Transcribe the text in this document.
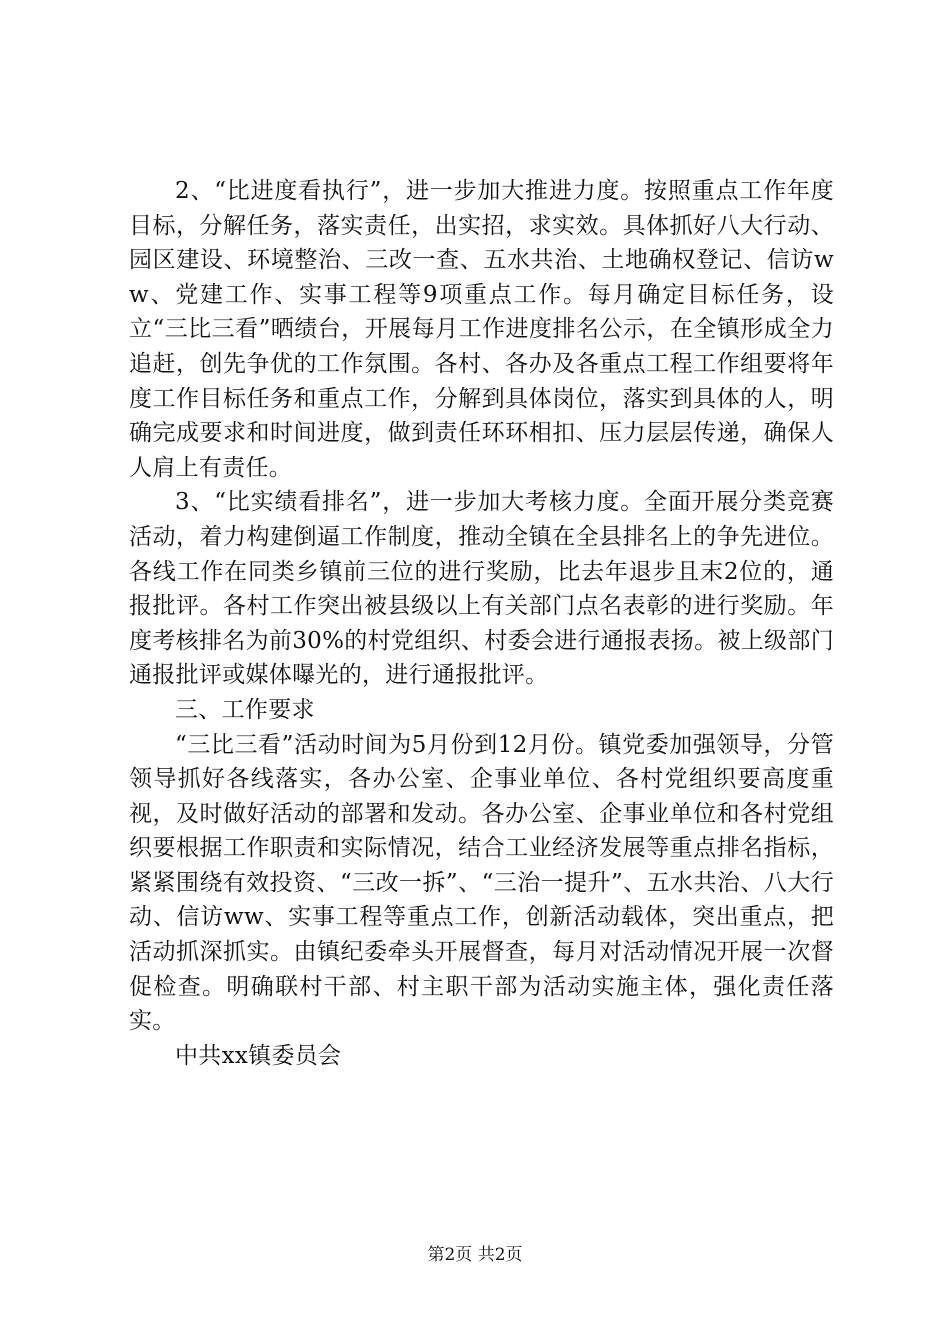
2、“比进度看执行”，进一步加大推进力度。按照重点工作年度目标，分解任务，落实责任，出实招，求实效。具体抓好八大行动、园区建设、环境整治、三改一查、五水共治、土地确权登记、信访ww、党建工作、实事工程等9项重点工作。每月确定目标任务，设立“三比三看”晒绩台，开展每月工作进度排名公示，在全镇形成全力追赶，创先争优的工作氛围。各村、各办及各重点工程工作组要将年度工作目标任务和重点工作，分解到具体岗位，落实到具体的人，明确完成要求和时间进度，做到责任环环相扣、压力层层传递，确保人人肩上有责任。

3、“比实绩看排名”，进一步加大考核力度。全面开展分类竞赛活动，着力构建倒逼工作制度，推动全镇在全县排名上的争先进位。各线工作在同类乡镇前三位的进行奖励，比去年退步且末2位的，通报批评。各村工作突出被县级以上有关部门点名表彰的进行奖励。年度考核排名为前30%的村党组织、村委会进行通报表扬。被上级部门通报批评或媒体曝光的，进行通报批评。

三、工作要求

“三比三看”活动时间为5月份到12月份。镇党委加强领导，分管领导抓好各线落实，各办公室、企事业单位、各村党组织要高度重视，及时做好活动的部署和发动。各办公室、企事业单位和各村党组织要根据工作职责和实际情况，结合工业经济发展等重点排名指标，紧紧围绕有效投资、“三改一拆”、“三治一提升”、五水共治、八大行动、信访ww、实事工程等重点工作，创新活动载体，突出重点，把活动抓深抓实。由镇纪委牵头开展督查，每月对活动情况开展一次督促检查。明确联村干部、村主职干部为活动实施主体，强化责任落实。

中共xx镇委员会

第2页 共2页
